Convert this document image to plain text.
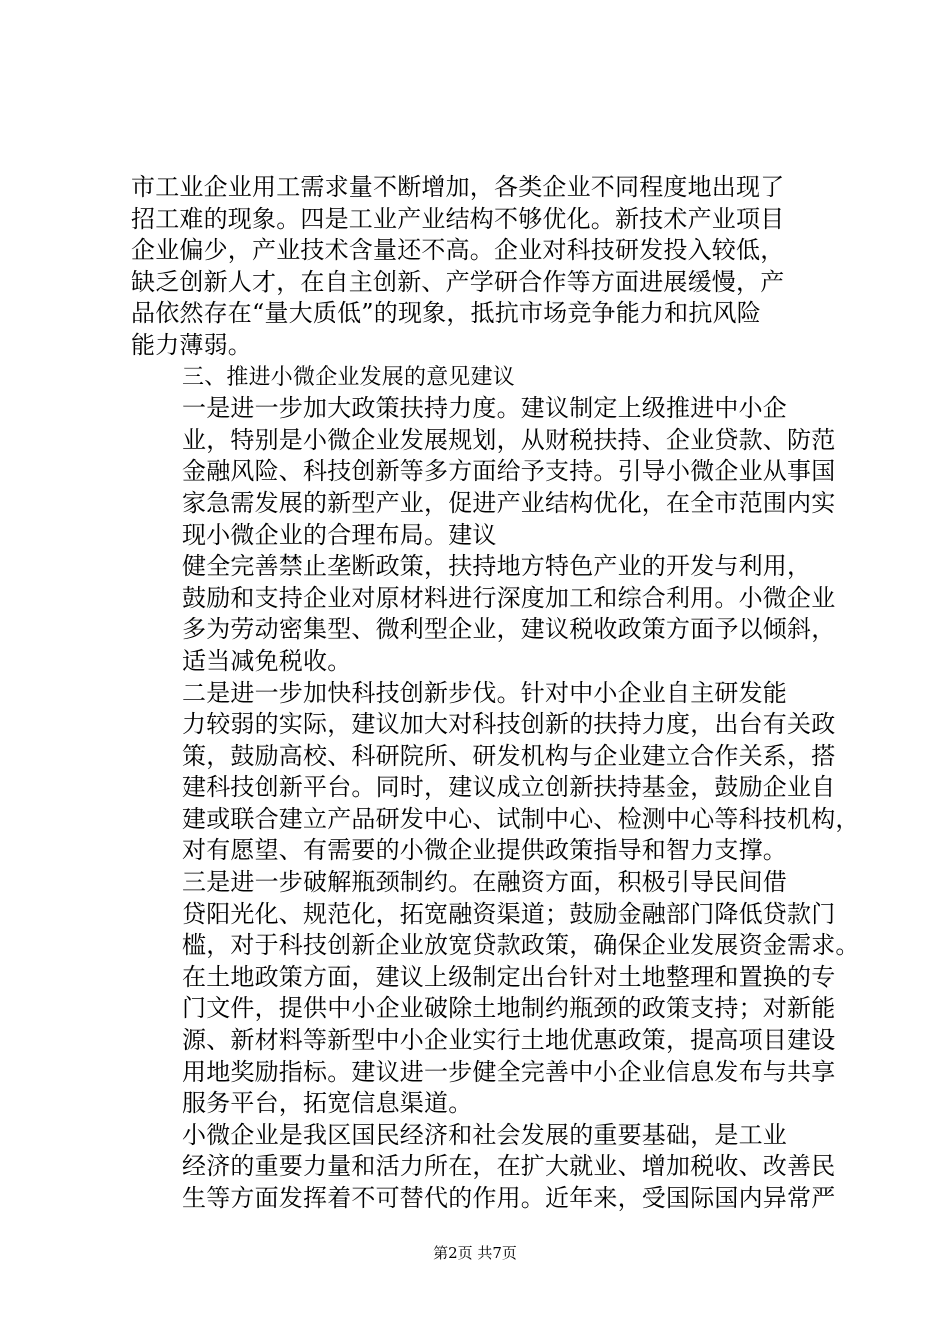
市工业企业用工需求量不断增加，各类企业不同程度地出现了
招工难的现象。四是工业产业结构不够优化。新技术产业项目
企业偏少，产业技术含量还不高。企业对科技研发投入较低，
缺乏创新人才，在自主创新、产学研合作等方面进展缓慢，产
品依然存在“量大质低”的现象，抵抗市场竞争能力和抗风险
能力薄弱。
三、推进小微企业发展的意见建议
一是进一步加大政策扶持力度。建议制定上级推进中小企
业，特别是小微企业发展规划，从财税扶持、企业贷款、防范
金融风险、科技创新等多方面给予支持。引导小微企业从事国
家急需发展的新型产业，促进产业结构优化，在全市范围内实
现小微企业的合理布局。建议
健全完善禁止垄断政策，扶持地方特色产业的开发与利用，
鼓励和支持企业对原材料进行深度加工和综合利用。小微企业
多为劳动密集型、微利型企业，建议税收政策方面予以倾斜，
适当减免税收。
二是进一步加快科技创新步伐。针对中小企业自主研发能
力较弱的实际，建议加大对科技创新的扶持力度，出台有关政
策，鼓励高校、科研院所、研发机构与企业建立合作关系，搭
建科技创新平台。同时，建议成立创新扶持基金，鼓励企业自
建或联合建立产品研发中心、试制中心、检测中心等科技机构，
对有愿望、有需要的小微企业提供政策指导和智力支撑。
三是进一步破解瓶颈制约。在融资方面，积极引导民间借
贷阳光化、规范化，拓宽融资渠道；鼓励金融部门降低贷款门
槛，对于科技创新企业放宽贷款政策，确保企业发展资金需求。
在土地政策方面，建议上级制定出台针对土地整理和置换的专
门文件，提供中小企业破除土地制约瓶颈的政策支持；对新能
源、新材料等新型中小企业实行土地优惠政策，提高项目建设
用地奖励指标。建议进一步健全完善中小企业信息发布与共享
服务平台，拓宽信息渠道。
小微企业是我区国民经济和社会发展的重要基础，是工业
经济的重要力量和活力所在，在扩大就业、增加税收、改善民
生等方面发挥着不可替代的作用。近年来，受国际国内异常严
第2页 共7页
